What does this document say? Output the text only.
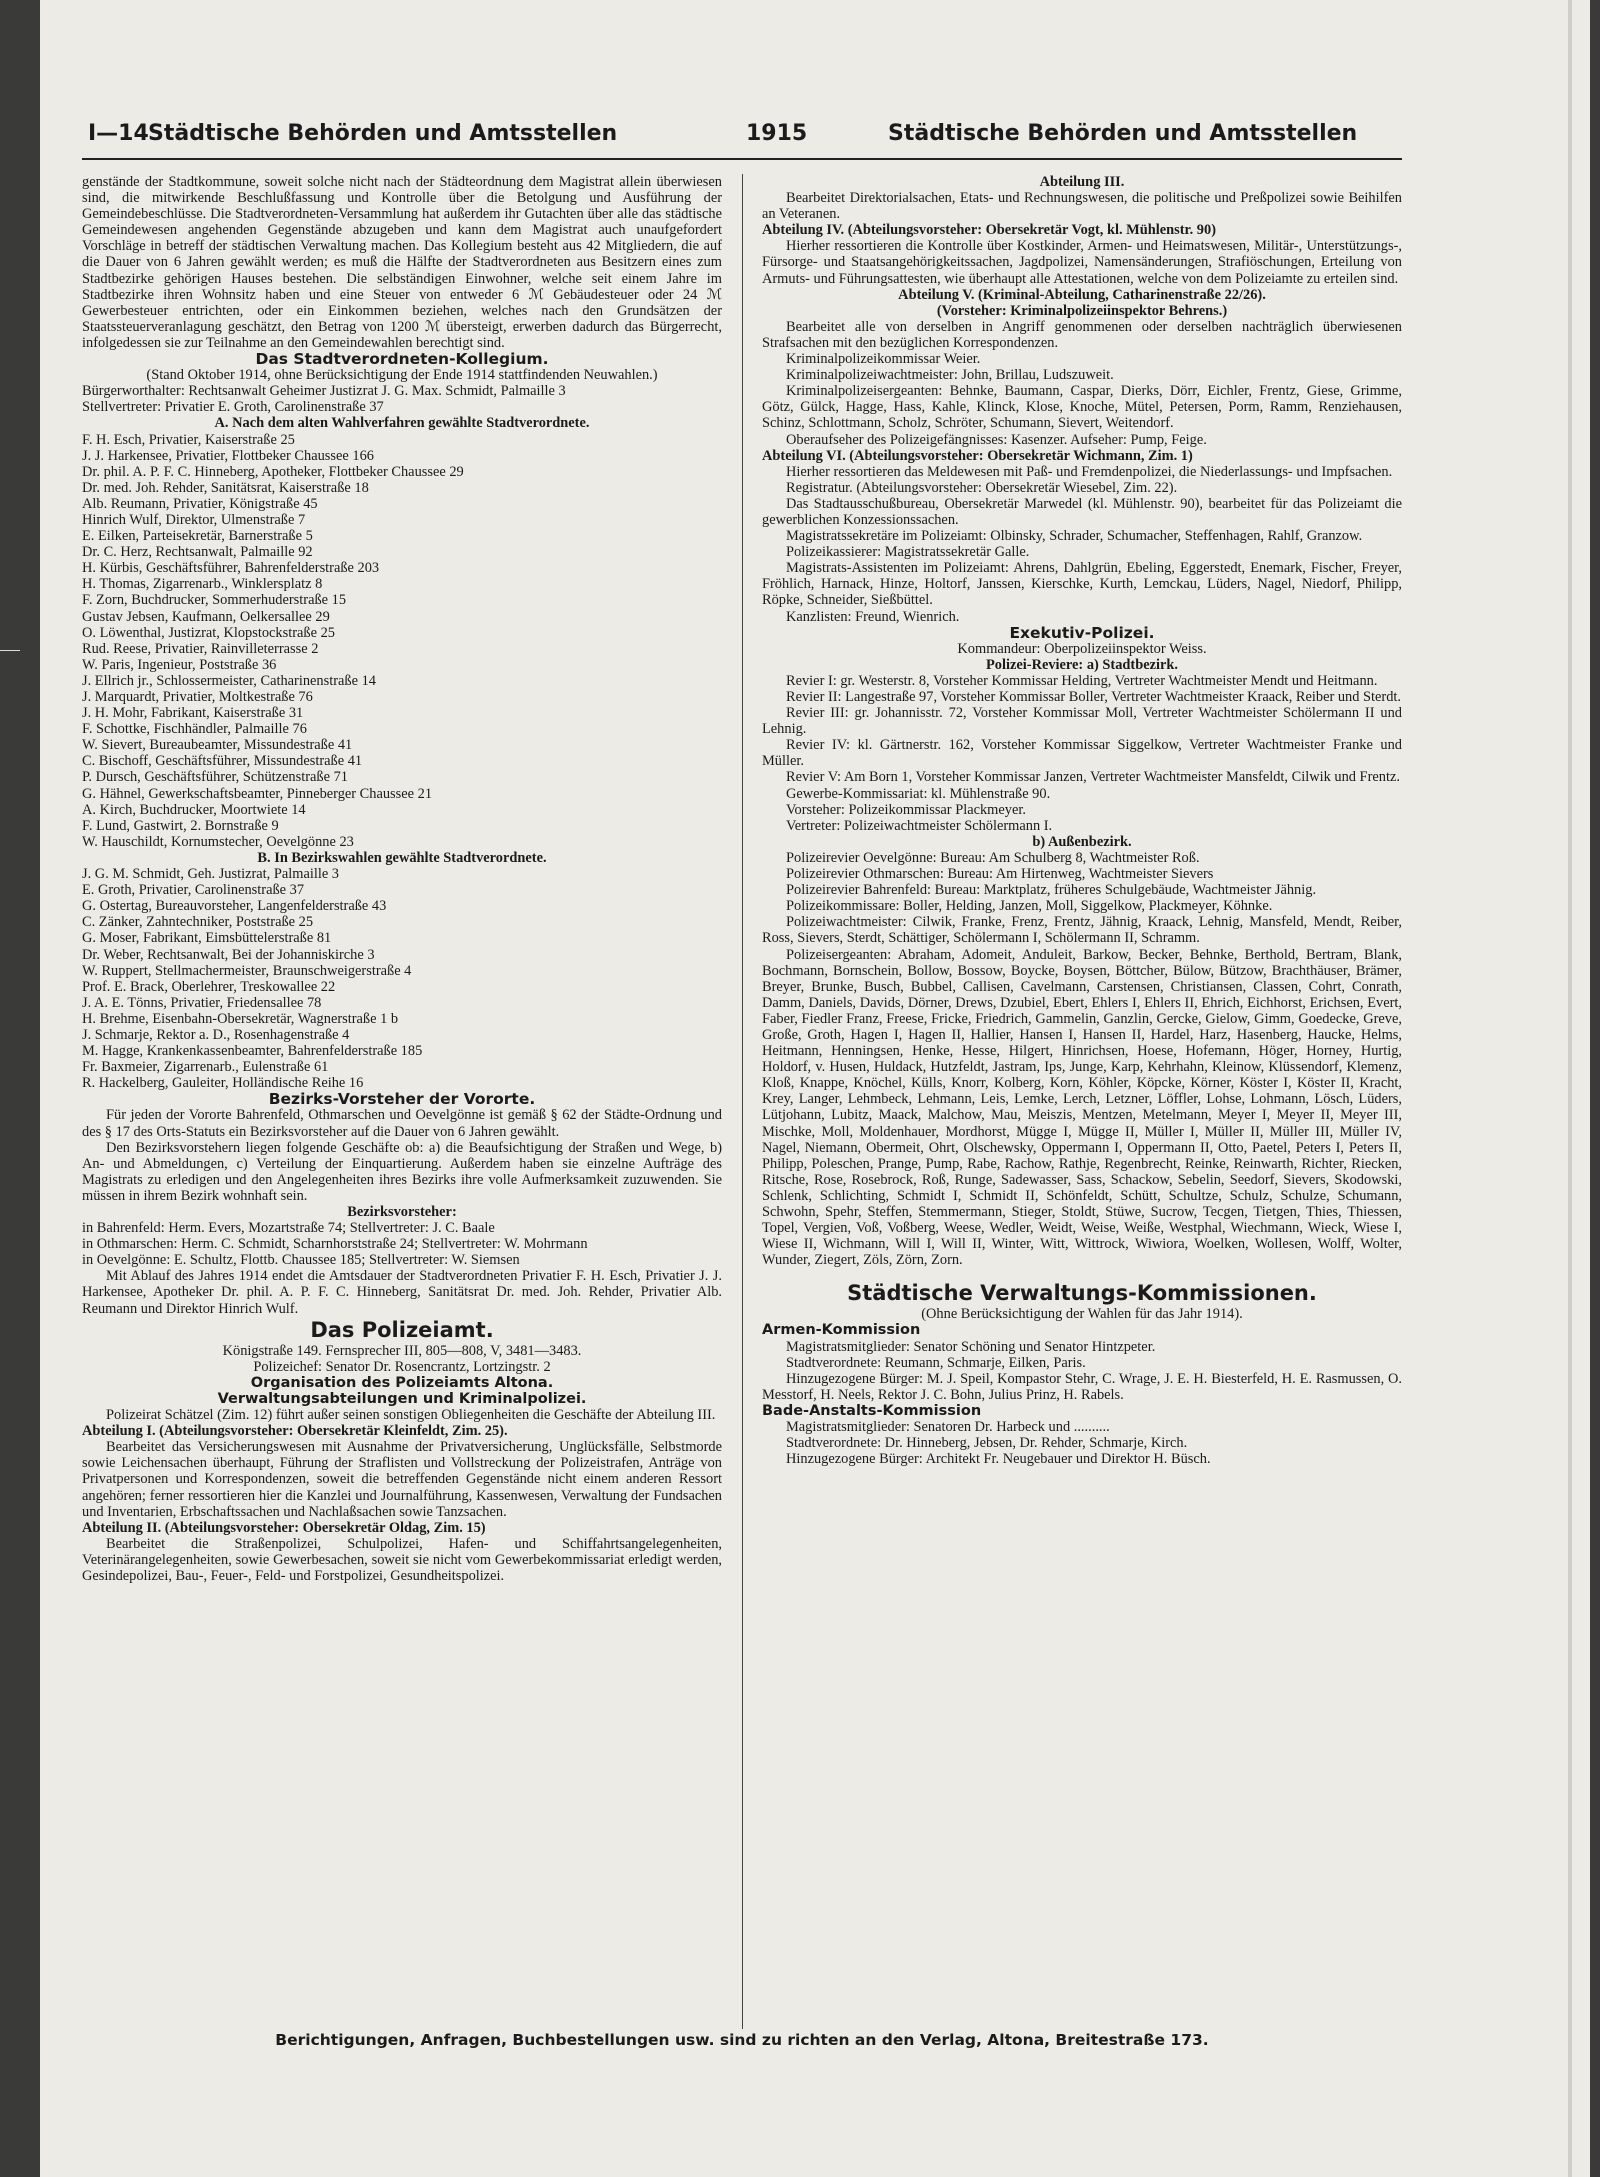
I—14 Städtische Behörden und Amtsstellen	1915	Städtische Behörden und Amtsstellen

genstände der Stadtkommune, soweit solche nicht nach der Städteordnung dem Magistrat allein überwiesen sind, die mitwirkende Beschlußfassung und Kontrolle über die Betolgung und Ausführung der Gemeindebeschlüsse. Die Stadtverordneten-Versammlung hat außerdem ihr Gutachten über alle das städtische Gemeindewesen angehenden Gegenstände abzugeben und kann dem Magistrat auch unaufgefordert Vorschläge in betreff der städtischen Verwaltung machen. Das Kollegium besteht aus 42 Mitgliedern, die auf die Dauer von 6 Jahren gewählt werden; es muß die Hälfte der Stadtverordneten aus Besitzern eines zum Stadtbezirke gehörigen Hauses bestehen. Die selbständigen Einwohner, welche seit einem Jahre im Stadtbezirke ihren Wohnsitz haben und eine Steuer von entweder 6 ℳ Gebäudesteuer oder 24 ℳ Gewerbesteuer entrichten, oder ein Einkommen beziehen, welches nach den Grundsätzen der Staatssteuerveranlagung geschätzt, den Betrag von 1200 ℳ übersteigt, erwerben dadurch das Bürgerrecht, infolgedessen sie zur Teilnahme an den Gemeindewahlen berechtigt sind.

Das Stadtverordneten-Kollegium.

(Stand Oktober 1914, ohne Berücksichtigung der Ende 1914 stattfindenden Neuwahlen.)

Bürgerworthalter: Rechtsanwalt Geheimer Justizrat J. G. Max. Schmidt, Palmaille 3

Stellvertreter: Privatier E. Groth, Carolinenstraße 37

A. Nach dem alten Wahlverfahren gewählte Stadtverordnete.

F. H. Esch, Privatier, Kaiserstraße 25

J. J. Harkensee, Privatier, Flottbeker Chaussee 166

Dr. phil. A. P. F. C. Hinneberg, Apotheker, Flottbeker Chaussee 29

Dr. med. Joh. Rehder, Sanitätsrat, Kaiserstraße 18

Alb. Reumann, Privatier, Königstraße 45

Hinrich Wulf, Direktor, Ulmenstraße 7

E. Eilken, Parteisekretär, Barnerstraße 5

Dr. C. Herz, Rechtsanwalt, Palmaille 92

H. Kürbis, Geschäftsführer, Bahrenfelderstraße 203

H. Thomas, Zigarrenarb., Winklersplatz 8

F. Zorn, Buchdrucker, Sommerhuderstraße 15

Gustav Jebsen, Kaufmann, Oelkersallee 29

O. Löwenthal, Justizrat, Klopstockstraße 25

Rud. Reese, Privatier, Rainvilleterrasse 2

W. Paris, Ingenieur, Poststraße 36

J. Ellrich jr., Schlossermeister, Catharinenstraße 14

J. Marquardt, Privatier, Moltkestraße 76

J. H. Mohr, Fabrikant, Kaiserstraße 31

F. Schottke, Fischhändler, Palmaille 76

W. Sievert, Bureaubeamter, Missundestraße 41

C. Bischoff, Geschäftsführer, Missundestraße 41

P. Dursch, Geschäftsführer, Schützenstraße 71

G. Hähnel, Gewerkschaftsbeamter, Pinneberger Chaussee 21

A. Kirch, Buchdrucker, Moortwiete 14

F. Lund, Gastwirt, 2. Bornstraße 9

W. Hauschildt, Kornumstecher, Oevelgönne 23

B. In Bezirkswahlen gewählte Stadtverordnete.

J. G. M. Schmidt, Geh. Justizrat, Palmaille 3

E. Groth, Privatier, Carolinenstraße 37

G. Ostertag, Bureauvorsteher, Langenfelderstraße 43

C. Zänker, Zahntechniker, Poststraße 25

G. Moser, Fabrikant, Eimsbüttelerstraße 81

Dr. Weber, Rechtsanwalt, Bei der Johanniskirche 3

W. Ruppert, Stellmachermeister, Braunschweigerstraße 4

Prof. E. Brack, Oberlehrer, Treskowallee 22

J. A. E. Tönns, Privatier, Friedensallee 78

H. Brehme, Eisenbahn-Obersekretär, Wagnerstraße 1 b

J. Schmarje, Rektor a. D., Rosenhagenstraße 4

M. Hagge, Krankenkassenbeamter, Bahrenfelderstraße 185

Fr. Baxmeier, Zigarrenarb., Eulenstraße 61

R. Hackelberg, Gauleiter, Holländische Reihe 16

Bezirks-Vorsteher der Vororte.

Für jeden der Vororte Bahrenfeld, Othmarschen und Oevelgönne ist gemäß § 62 der Städte-Ordnung und des § 17 des Orts-Statuts ein Bezirksvorsteher auf die Dauer von 6 Jahren gewählt.

Den Bezirksvorstehern liegen folgende Geschäfte ob: a) die Beaufsichtigung der Straßen und Wege, b) An- und Abmeldungen, c) Verteilung der Einquartierung. Außerdem haben sie einzelne Aufträge des Magistrats zu erledigen und den Angelegenheiten ihres Bezirks ihre volle Aufmerksamkeit zuzuwenden. Sie müssen in ihrem Bezirk wohnhaft sein.

Bezirksvorsteher:

in Bahrenfeld: Herm. Evers, Mozartstraße 74; Stellvertreter: J. C. Baale

in Othmarschen: Herm. C. Schmidt, Scharnhorststraße 24; Stellvertreter: W. Mohrmann

in Oevelgönne: E. Schultz, Flottb. Chaussee 185; Stellvertreter: W. Siemsen

Mit Ablauf des Jahres 1914 endet die Amtsdauer der Stadtverordneten Privatier F. H. Esch, Privatier J. J. Harkensee, Apotheker Dr. phil. A. P. F. C. Hinneberg, Sanitätsrat Dr. med. Joh. Rehder, Privatier Alb. Reumann und Direktor Hinrich Wulf.

Das Polizeiamt.

Königstraße 149. Fernsprecher III, 805—808, V, 3481—3483.

Polizeichef: Senator Dr. Rosencrantz, Lortzingstr. 2

Organisation des Polizeiamts Altona.

Verwaltungsabteilungen und Kriminalpolizei.

Polizeirat Schätzel (Zim. 12) führt außer seinen sonstigen Obliegenheiten die Geschäfte der Abteilung III.

Abteilung I. (Abteilungsvorsteher: Obersekretär Kleinfeldt, Zim. 25).

Bearbeitet das Versicherungswesen mit Ausnahme der Privatversicherung, Unglücksfälle, Selbstmorde sowie Leichensachen überhaupt, Führung der Straflisten und Vollstreckung der Polizeistrafen, Anträge von Privatpersonen und Korrespondenzen, soweit die betreffenden Gegenstände nicht einem anderen Ressort angehören; ferner ressortieren hier die Kanzlei und Journalführung, Kassenwesen, Verwaltung der Fundsachen und Inventarien, Erbschaftssachen und Nachlaßsachen sowie Tanzsachen.

Abteilung II. (Abteilungsvorsteher: Obersekretär Oldag, Zim. 15)

Bearbeitet die Straßenpolizei, Schulpolizei, Hafen- und Schiffahrtsangelegenheiten, Veterinärangelegenheiten, sowie Gewerbesachen, soweit sie nicht vom Gewerbekommissariat erledigt werden, Gesindepolizei, Bau-, Feuer-, Feld- und Forstpolizei, Gesundheitspolizei.

Abteilung III.

Bearbeitet Direktorialsachen, Etats- und Rechnungswesen, die politische und Preßpolizei sowie Beihilfen an Veteranen.

Abteilung IV. (Abteilungsvorsteher: Obersekretär Vogt, kl. Mühlenstr. 90)

Hierher ressortieren die Kontrolle über Kostkinder, Armen- und Heimatswesen, Militär-, Unterstützungs-, Fürsorge- und Staatsangehörigkeitssachen, Jagdpolizei, Namensänderungen, Strafiöschungen, Erteilung von Armuts- und Führungsattesten, wie überhaupt alle Attestationen, welche von dem Polizeiamte zu erteilen sind.

Abteilung V. (Kriminal-Abteilung, Catharinenstraße 22/26).

(Vorsteher: Kriminalpolizeiinspektor Behrens.)

Bearbeitet alle von derselben in Angriff genommenen oder derselben nachträglich überwiesenen Strafsachen mit den bezüglichen Korrespondenzen.

Kriminalpolizeikommissar Weier.

Kriminalpolizeiwachtmeister: John, Brillau, Ludszuweit.

Kriminalpolizeisergeanten: Behnke, Baumann, Caspar, Dierks, Dörr, Eichler, Frentz, Giese, Grimme, Götz, Gülck, Hagge, Hass, Kahle, Klinck, Klose, Knoche, Mütel, Petersen, Porm, Ramm, Renziehausen, Schinz, Schlottmann, Scholz, Schröter, Schumann, Sievert, Weitendorf.

Oberaufseher des Polizeigefängnisses: Kasenzer. Aufseher: Pump, Feige.

Abteilung VI. (Abteilungsvorsteher: Obersekretär Wichmann, Zim. 1)

Hierher ressortieren das Meldewesen mit Paß- und Fremdenpolizei, die Niederlassungs- und Impfsachen.

Registratur. (Abteilungsvorsteher: Obersekretär Wiesebel, Zim. 22).

Das Stadtausschußbureau, Obersekretär Marwedel (kl. Mühlenstr. 90), bearbeitet für das Polizeiamt die gewerblichen Konzessionssachen.

Magistratssekretäre im Polizeiamt: Olbinsky, Schrader, Schumacher, Steffenhagen, Rahlf, Granzow.

Polizeikassierer: Magistratssekretär Galle.

Magistrats-Assistenten im Polizeiamt: Ahrens, Dahlgrün, Ebeling, Eggerstedt, Enemark, Fischer, Freyer, Fröhlich, Harnack, Hinze, Holtorf, Janssen, Kierschke, Kurth, Lemckau, Lüders, Nagel, Niedorf, Philipp, Röpke, Schneider, Sießbüttel.

Kanzlisten: Freund, Wienrich.

Exekutiv-Polizei.

Kommandeur: Oberpolizeiinspektor Weiss.

Polizei-Reviere: a) Stadtbezirk.

Revier I: gr. Westerstr. 8, Vorsteher Kommissar Helding, Vertreter Wachtmeister Mendt und Heitmann.

Revier II: Langestraße 97, Vorsteher Kommissar Boller, Vertreter Wachtmeister Kraack, Reiber und Sterdt.

Revier III: gr. Johannisstr. 72, Vorsteher Kommissar Moll, Vertreter Wachtmeister Schölermann II und Lehnig.

Revier IV: kl. Gärtnerstr. 162, Vorsteher Kommissar Siggelkow, Vertreter Wachtmeister Franke und Müller.

Revier V: Am Born 1, Vorsteher Kommissar Janzen, Vertreter Wachtmeister Mansfeldt, Cilwik und Frentz.

Gewerbe-Kommissariat: kl. Mühlenstraße 90.

Vorsteher: Polizeikommissar Plackmeyer.

Vertreter: Polizeiwachtmeister Schölermann I.

b) Außenbezirk.

Polizeirevier Oevelgönne: Bureau: Am Schulberg 8, Wachtmeister Roß.

Polizeirevier Othmarschen: Bureau: Am Hirtenweg, Wachtmeister Sievers

Polizeirevier Bahrenfeld: Bureau: Marktplatz, früheres Schulgebäude, Wachtmeister Jähnig.

Polizeikommissare: Boller, Helding, Janzen, Moll, Siggelkow, Plackmeyer, Köhnke.

Polizeiwachtmeister: Cilwik, Franke, Frenz, Frentz, Jähnig, Kraack, Lehnig, Mansfeld, Mendt, Reiber, Ross, Sievers, Sterdt, Schättiger, Schölermann I, Schölermann II, Schramm.

Polizeisergeanten: Abraham, Adomeit, Anduleit, Barkow, Becker, Behnke, Berthold, Bertram, Blank, Bochmann, Bornschein, Bollow, Bossow, Boycke, Boysen, Böttcher, Bülow, Bützow, Brachthäuser, Brämer, Breyer, Brunke, Busch, Bubbel, Callisen, Cavelmann, Carstensen, Christiansen, Classen, Cohrt, Conrath, Damm, Daniels, Davids, Dörner, Drews, Dzubiel, Ebert, Ehlers I, Ehlers II, Ehrich, Eichhorst, Erichsen, Evert, Faber, Fiedler Franz, Freese, Fricke, Friedrich, Gammelin, Ganzlin, Gercke, Gielow, Gimm, Goedecke, Greve, Große, Groth, Hagen I, Hagen II, Hallier, Hansen I, Hansen II, Hardel, Harz, Hasenberg, Haucke, Helms, Heitmann, Henningsen, Henke, Hesse, Hilgert, Hinrichsen, Hoese, Hofemann, Höger, Horney, Hurtig, Holdorf, v. Husen, Huldack, Hutzfeldt, Jastram, Ips, Junge, Karp, Kehrhahn, Kleinow, Klüssendorf, Klemenz, Kloß, Knappe, Knöchel, Külls, Knorr, Kolberg, Korn, Köhler, Köpcke, Körner, Köster I, Köster II, Kracht, Krey, Langer, Lehmbeck, Lehmann, Leis, Lemke, Lerch, Letzner, Löffler, Lohse, Lohmann, Lösch, Lüders, Lütjohann, Lubitz, Maack, Malchow, Mau, Meiszis, Mentzen, Metelmann, Meyer I, Meyer II, Meyer III, Mischke, Moll, Moldenhauer, Mordhorst, Mügge I, Mügge II, Müller I, Müller II, Müller III, Müller IV, Nagel, Niemann, Obermeit, Ohrt, Olschewsky, Oppermann I, Oppermann II, Otto, Paetel, Peters I, Peters II, Philipp, Poleschen, Prange, Pump, Rabe, Rachow, Rathje, Regenbrecht, Reinke, Reinwarth, Richter, Riecken, Ritsche, Rose, Rosebrock, Roß, Runge, Sadewasser, Sass, Schackow, Sebelin, Seedorf, Sievers, Skodowski, Schlenk, Schlichting, Schmidt I, Schmidt II, Schönfeldt, Schütt, Schultze, Schulz, Schulze, Schumann, Schwohn, Spehr, Steffen, Stemmermann, Stieger, Stoldt, Stüwe, Sucrow, Tecgen, Tietgen, Thies, Thiessen, Topel, Vergien, Voß, Voßberg, Weese, Wedler, Weidt, Weise, Weiße, Westphal, Wiechmann, Wieck, Wiese I, Wiese II, Wichmann, Will I, Will II, Winter, Witt, Wittrock, Wiwiora, Woelken, Wollesen, Wolff, Wolter, Wunder, Ziegert, Zöls, Zörn, Zorn.

Städtische Verwaltungs-Kommissionen.

(Ohne Berücksichtigung der Wahlen für das Jahr 1914).

Armen-Kommission

Magistratsmitglieder: Senator Schöning und Senator Hintzpeter.

Stadtverordnete: Reumann, Schmarje, Eilken, Paris.

Hinzugezogene Bürger: M. J. Speil, Kompastor Stehr, C. Wrage, J. E. H. Biesterfeld, H. E. Rasmussen, O. Messtorf, H. Neels, Rektor J. C. Bohn, Julius Prinz, H. Rabels.

Bade-Anstalts-Kommission

Magistratsmitglieder: Senatoren Dr. Harbeck und ..........

Stadtverordnete: Dr. Hinneberg, Jebsen, Dr. Rehder, Schmarje, Kirch.

Hinzugezogene Bürger: Architekt Fr. Neugebauer und Direktor H. Büsch.

Berichtigungen, Anfragen, Buchbestellungen usw. sind zu richten an den Verlag, Altona, Breitestraße 173.
